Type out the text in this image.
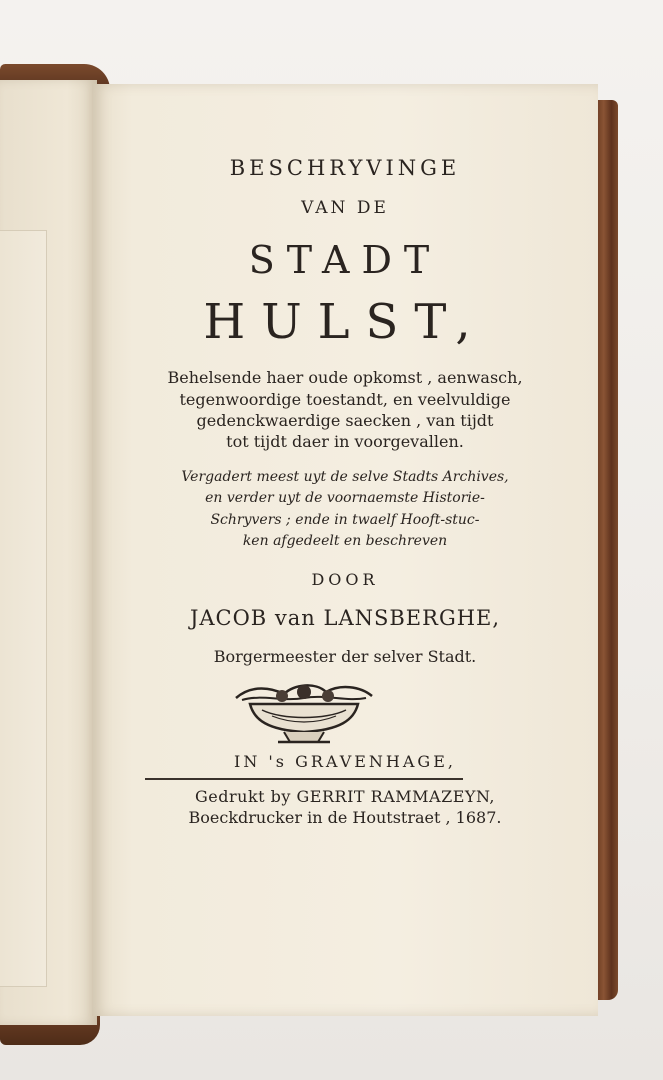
BESCHRYVINGE
VAN DE
STADT
HULST,
Behelsende haer oude opkomst , aenwasch,
tegenwoordige toestandt, en veelvuldige
gedenckwaerdige saecken , van tijdt
tot tijdt daer in voorgevallen.
Vergadert meest uyt de selve Stadts Archives,
en verder uyt de voornaemste Historie-
Schryvers ; ende in twaelf Hooft-stuc-
ken afgedeelt en beschreven
DOOR
JACOB van LANSBERGHE,
Borgermeester der selver Stadt.
IN 's GRAVENHAGE,
Gedrukt by GERRIT RAMMAZEYN,
Boeckdrucker in de Houtstraet , 1687.
